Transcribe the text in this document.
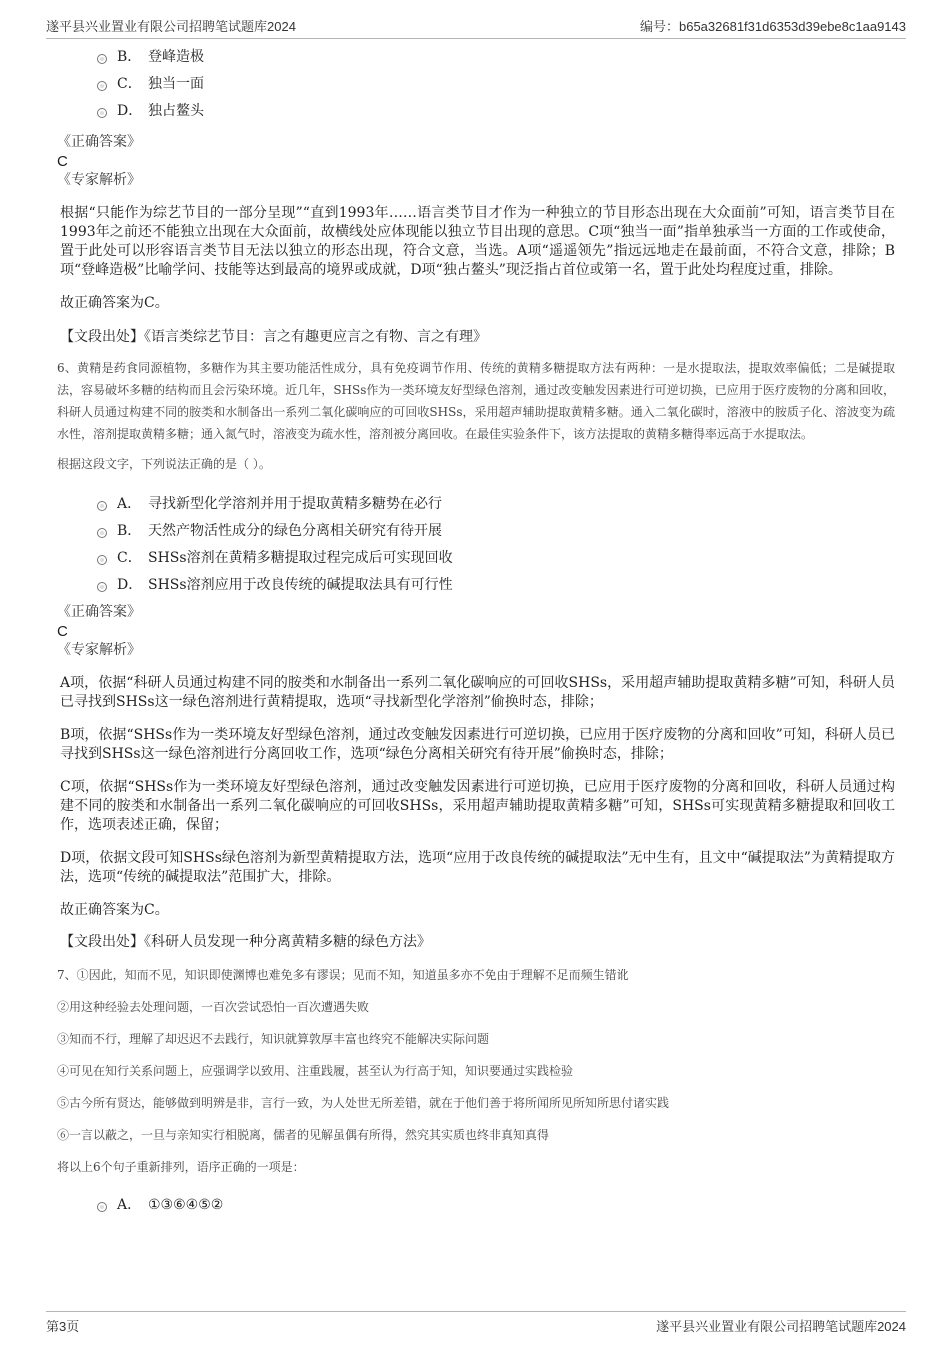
遂平县兴业置业有限公司招聘笔试题库2024	编号：b65a32681f31d6353d39ebe8c1aa9143
B． 登峰造极
C． 独当一面
D． 独占鳌头
《正确答案》
C
《专家解析》
根据“只能作为综艺节目的一部分呈现”“直到1993年……语言类节目才作为一种独立的节目形态出现在大众面前”可知，语言类节目在1993年之前还不能独立出现在大众面前，故横线处应体现能以独立节目出现的意思。C项“独当一面”指单独承当一方面的工作或使命，置于此处可以形容语言类节目无法以独立的形态出现，符合文意，当选。A项“遥遥领先”指远远地走在最前面，不符合文意，排除；B项“登峰造极”比喻学问、技能等达到最高的境界或成就，D项“独占鳌头”现泛指占首位或第一名，置于此处均程度过重，排除。
故正确答案为C。
【文段出处】《语言类综艺节目：言之有趣更应言之有物、言之有理》
6、黄精是药食同源植物，多糖作为其主要功能活性成分，具有免疫调节作用、传统的黄精多糖提取方法有两种：一是水提取法，提取效率偏低；二是碱提取法，容易破坏多糖的结构而且会污染环境。近几年，SHSs作为一类环境友好型绿色溶剂，通过改变触发因素进行可逆切换，已应用于医疗废物的分离和回收，科研人员通过构建不同的胺类和水制备出一系列二氧化碳响应的可回收SHSs，采用超声辅助提取黄精多糖。通入二氧化碳时，溶液中的胺质子化、溶波变为疏水性，溶剂提取黄精多糖；通入氮气时，溶液变为疏水性，溶剂被分离回收。在最佳实验条件下，该方法提取的黄精多糖得率远高于水提取法。
根据这段文字，下列说法正确的是（ ）。
A． 寻找新型化学溶剂并用于提取黄精多糖势在必行
B． 天然产物活性成分的绿色分离相关研究有待开展
C． SHSs溶剂在黄精多糖提取过程完成后可实现回收
D． SHSs溶剂应用于改良传统的碱提取法具有可行性
《正确答案》
C
《专家解析》
A项，依据“科研人员通过构建不同的胺类和水制备出一系列二氧化碳响应的可回收SHSs，采用超声辅助提取黄精多糖”可知，科研人员已寻找到SHSs这一绿色溶剂进行黄精提取，选项“寻找新型化学溶剂”偷换时态，排除；
B项，依据“SHSs作为一类环境友好型绿色溶剂，通过改变触发因素进行可逆切换，已应用于医疗废物的分离和回收”可知，科研人员已寻找到SHSs这一绿色溶剂进行分离回收工作，选项“绿色分离相关研究有待开展”偷换时态，排除；
C项，依据“SHSs作为一类环境友好型绿色溶剂，通过改变触发因素进行可逆切换，已应用于医疗废物的分离和回收，科研人员通过构建不同的胺类和水制备出一系列二氧化碳响应的可回收SHSs，采用超声辅助提取黄精多糖”可知，SHSs可实现黄精多糖提取和回收工作，选项表述正确，保留；
D项，依据文段可知SHSs绿色溶剂为新型黄精提取方法，选项“应用于改良传统的碱提取法”无中生有，且文中“碱提取法”为黄精提取方法，选项“传统的碱提取法”范围扩大，排除。
故正确答案为C。
【文段出处】《科研人员发现一种分离黄精多糖的绿色方法》
7、①因此，知而不见，知识即使渊博也难免多有谬误；见而不知，知道虽多亦不免由于理解不足而频生错讹
②用这种经验去处理问题，一百次尝试恐怕一百次遭遇失败
③知而不行，理解了却迟迟不去践行，知识就算敦厚丰富也终究不能解决实际问题
④可见在知行关系问题上，应强调学以致用、注重践履，甚至认为行高于知，知识要通过实践检验
⑤古今所有贤达，能够做到明辨是非，言行一致，为人处世无所差错，就在于他们善于将所闻所见所知所思付诸实践
⑥一言以蔽之，一旦与亲知实行相脱离，儒者的见解虽偶有所得，然究其实质也终非真知真得
将以上6个句子重新排列，语序正确的一项是：
A． ①③⑥④⑤②
第3页	遂平县兴业置业有限公司招聘笔试题库2024
